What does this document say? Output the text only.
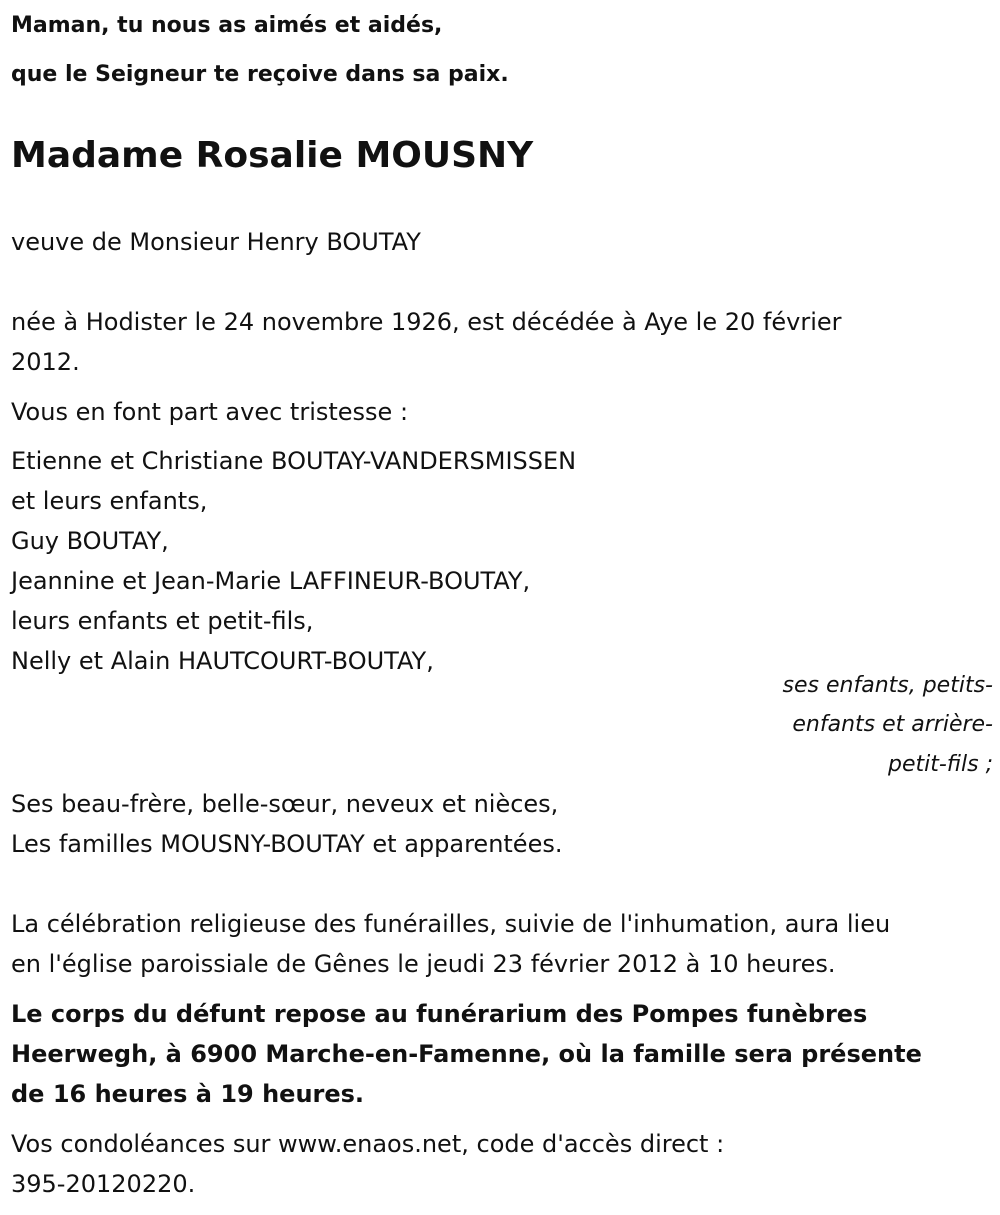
Maman, tu nous as aimés et aidés,
que le Seigneur te reçoive dans sa paix.
Madame Rosalie MOUSNY
veuve de Monsieur Henry BOUTAY
née à Hodister le 24 novembre 1926, est décédée à Aye le 20 février
2012.
Vous en font part avec tristesse :
Etienne et Christiane BOUTAY-VANDERSMISSEN
et leurs enfants,
Guy BOUTAY,
Jeannine et Jean-Marie LAFFINEUR-BOUTAY,
leurs enfants et petit-fils,
Nelly et Alain HAUTCOURT-BOUTAY,
ses enfants, petits-
enfants et arrière-
petit-fils ;
Ses beau-frère, belle-sœur, neveux et nièces,
Les familles MOUSNY-BOUTAY et apparentées.
La célébration religieuse des funérailles, suivie de l'inhumation, aura lieu
en l'église paroissiale de Gênes le jeudi 23 février 2012 à 10 heures.
Le corps du défunt repose au funérarium des Pompes funèbres
Heerwegh, à 6900 Marche-en-Famenne, où la famille sera présente
de 16 heures à 19 heures.
Vos condoléances sur www.enaos.net, code d'accès direct :
395-20120220.
